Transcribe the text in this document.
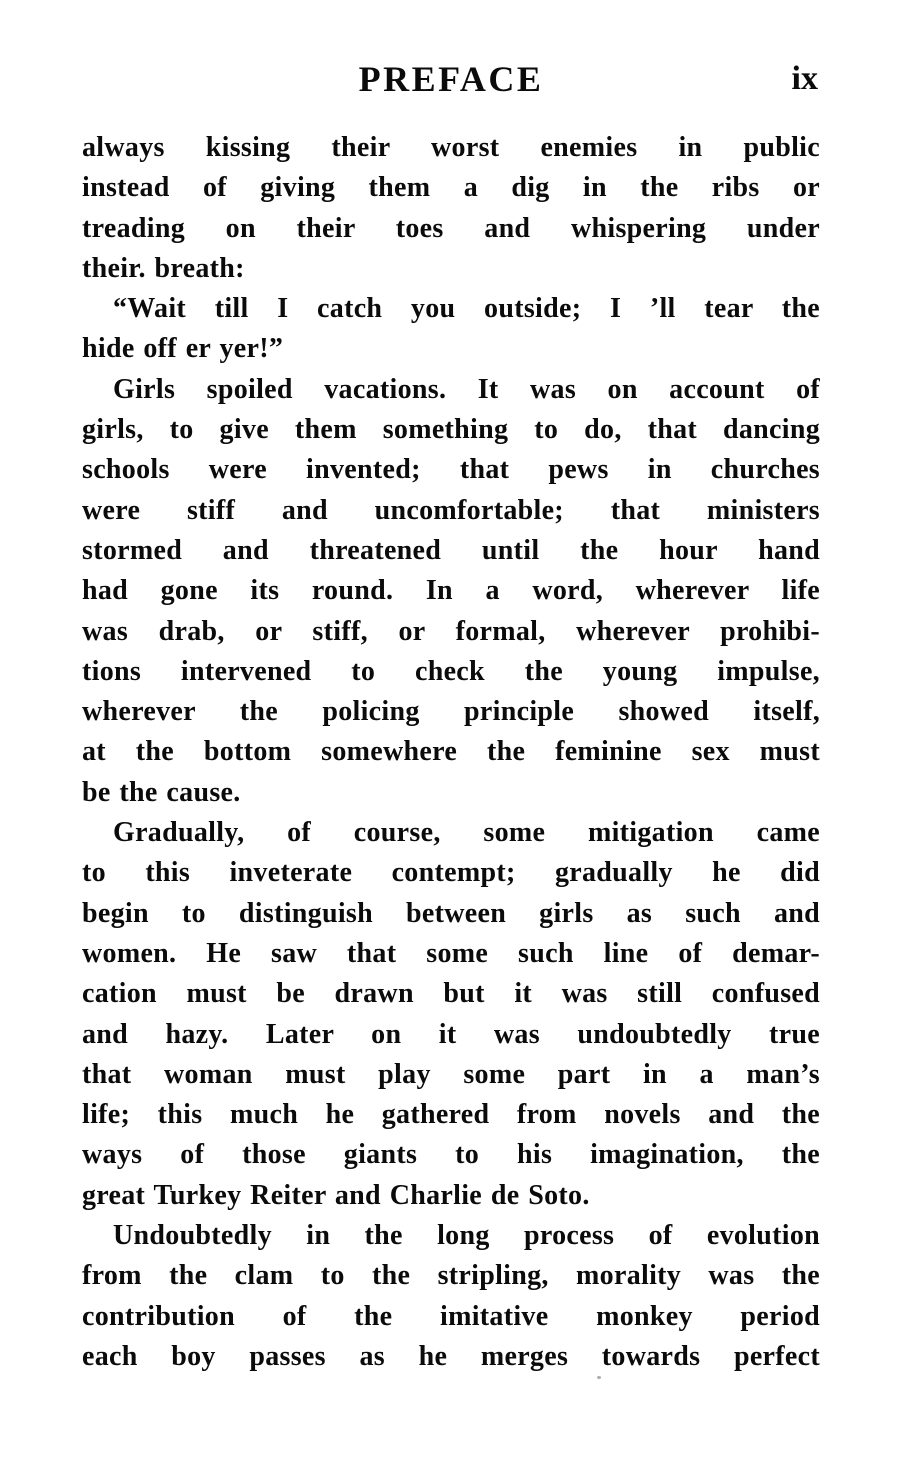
PREFACE	ix
always kissing their worst enemies in public
instead of giving them a dig in the ribs or
treading on their toes and whispering under
their. breath:
“Wait till I catch you outside; I ’ll tear the
hide off er yer!”
Girls spoiled vacations. It was on account of
girls, to give them something to do, that dancing
schools were invented; that pews in churches
were stiff and uncomfortable; that ministers
stormed and threatened until the hour hand
had gone its round. In a word, wherever life
was drab, or stiff, or formal, wherever prohibi-
tions intervened to check the young impulse,
wherever the policing principle showed itself,
at the bottom somewhere the feminine sex must
be the cause.
Gradually, of course, some mitigation came
to this inveterate contempt; gradually he did
begin to distinguish between girls as such and
women. He saw that some such line of demar-
cation must be drawn but it was still confused
and hazy. Later on it was undoubtedly true
that woman must play some part in a man’s
life; this much he gathered from novels and the
ways of those giants to his imagination, the
great Turkey Reiter and Charlie de Soto.
Undoubtedly in the long process of evolution
from the clam to the stripling, morality was the
contribution of the imitative monkey period
each boy passes as he merges towards perfect
